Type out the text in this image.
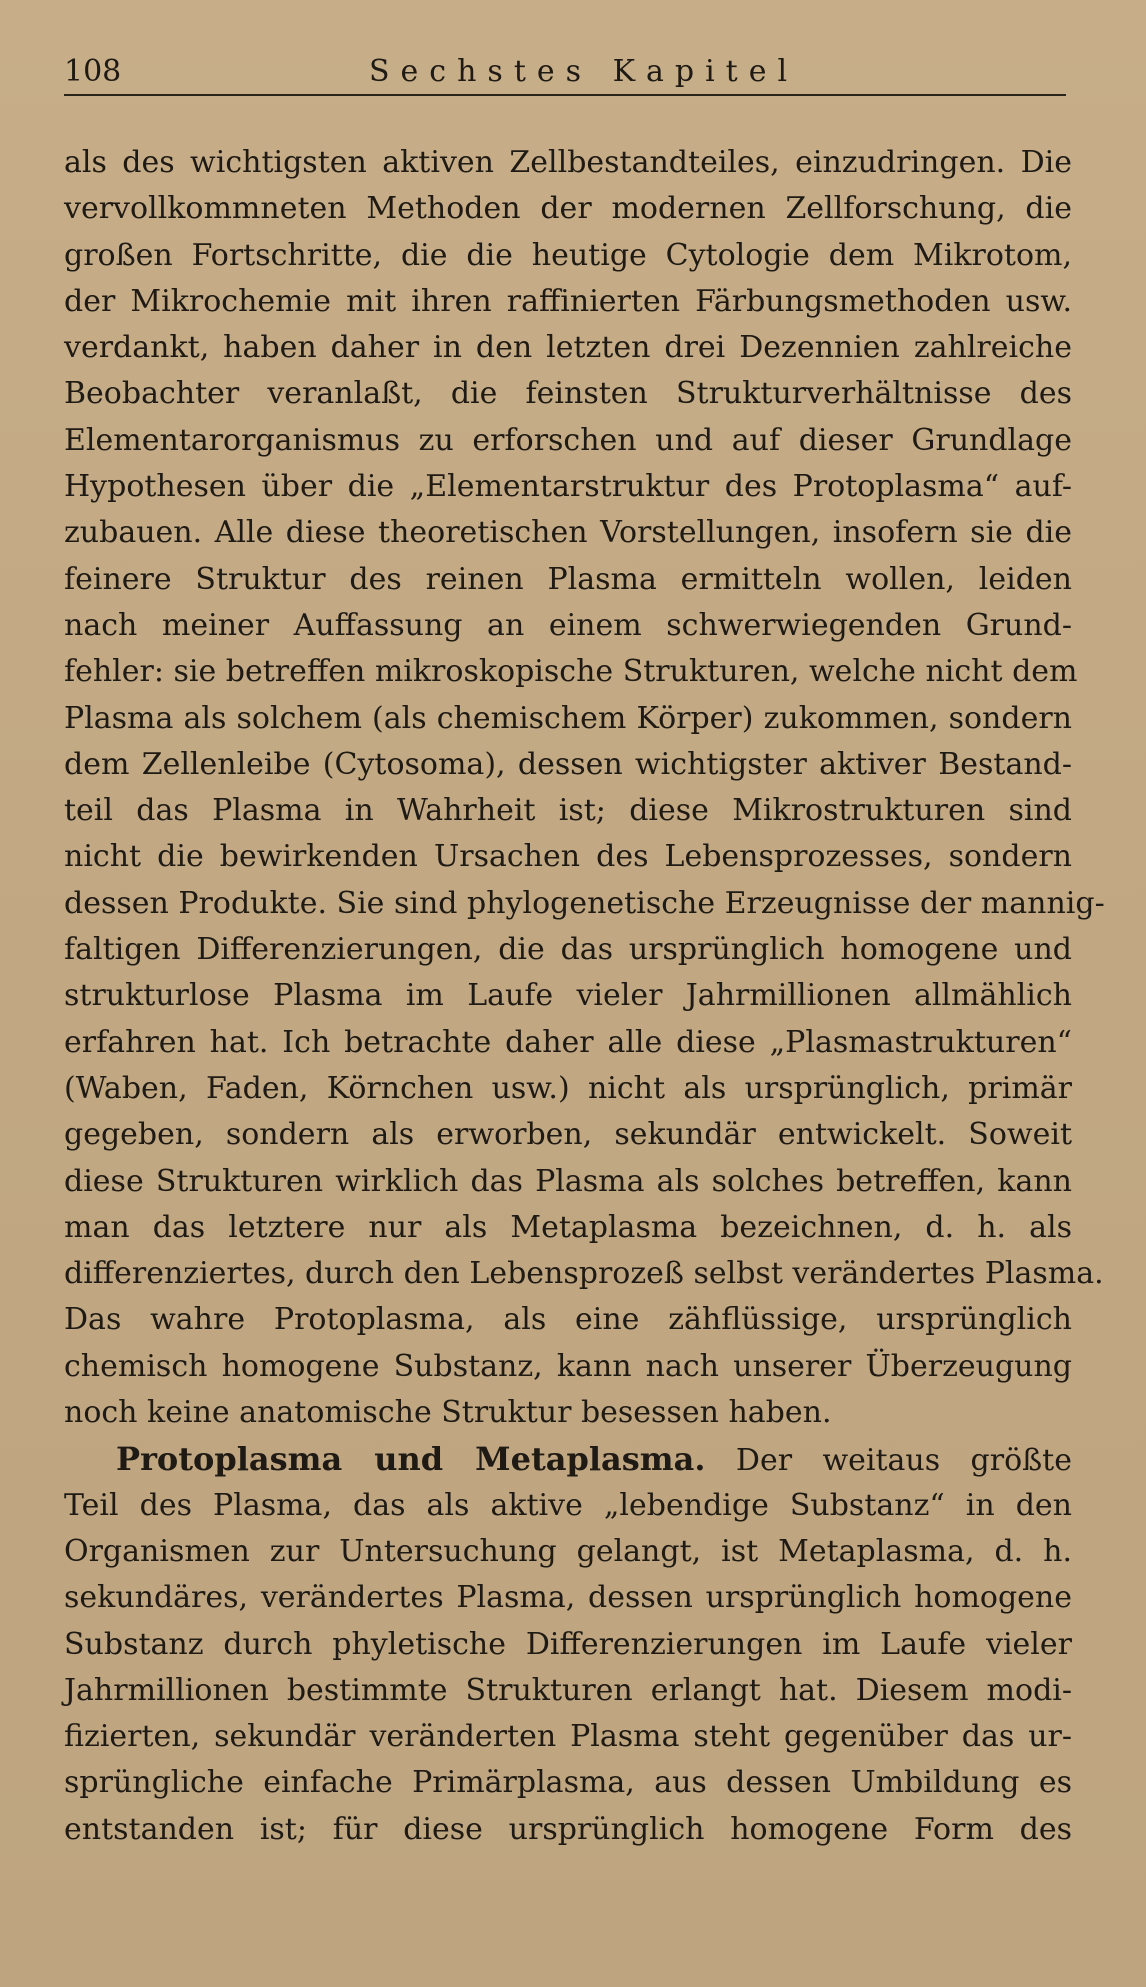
108	Sechstes Kapitel
als des wichtigsten aktiven Zellbestandteiles, einzudringen. Die
vervollkommneten Methoden der modernen Zellforschung, die
großen Fortschritte, die die heutige Cytologie dem Mikrotom,
der Mikrochemie mit ihren raffinierten Färbungsmethoden usw.
verdankt, haben daher in den letzten drei Dezennien zahlreiche
Beobachter veranlaßt, die feinsten Strukturverhältnisse des
Elementarorganismus zu erforschen und auf dieser Grundlage
Hypothesen über die „Elementarstruktur des Protoplasma“ auf-
zubauen. Alle diese theoretischen Vorstellungen, insofern sie die
feinere Struktur des reinen Plasma ermitteln wollen, leiden
nach meiner Auffassung an einem schwerwiegenden Grund-
fehler: sie betreffen mikroskopische Strukturen, welche nicht dem
Plasma als solchem (als chemischem Körper) zukommen, sondern
dem Zellenleibe (Cytosoma), dessen wichtigster aktiver Bestand-
teil das Plasma in Wahrheit ist; diese Mikrostrukturen sind
nicht die bewirkenden Ursachen des Lebensprozesses, sondern
dessen Produkte. Sie sind phylogenetische Erzeugnisse der mannig-
faltigen Differenzierungen, die das ursprünglich homogene und
strukturlose Plasma im Laufe vieler Jahrmillionen allmählich
erfahren hat. Ich betrachte daher alle diese „Plasmastrukturen“
(Waben, Faden, Körnchen usw.) nicht als ursprünglich, primär
gegeben, sondern als erworben, sekundär entwickelt. Soweit
diese Strukturen wirklich das Plasma als solches betreffen, kann
man das letztere nur als Metaplasma bezeichnen, d. h. als
differenziertes, durch den Lebensprozeß selbst verändertes Plasma.
Das wahre Protoplasma, als eine zähflüssige, ursprünglich
chemisch homogene Substanz, kann nach unserer Überzeugung
noch keine anatomische Struktur besessen haben.
Protoplasma und Metaplasma. Der weitaus größte
Teil des Plasma, das als aktive „lebendige Substanz“ in den
Organismen zur Untersuchung gelangt, ist Metaplasma, d. h.
sekundäres, verändertes Plasma, dessen ursprünglich homogene
Substanz durch phyletische Differenzierungen im Laufe vieler
Jahrmillionen bestimmte Strukturen erlangt hat. Diesem modi-
fizierten, sekundär veränderten Plasma steht gegenüber das ur-
sprüngliche einfache Primärplasma, aus dessen Umbildung es
entstanden ist; für diese ursprünglich homogene Form des
